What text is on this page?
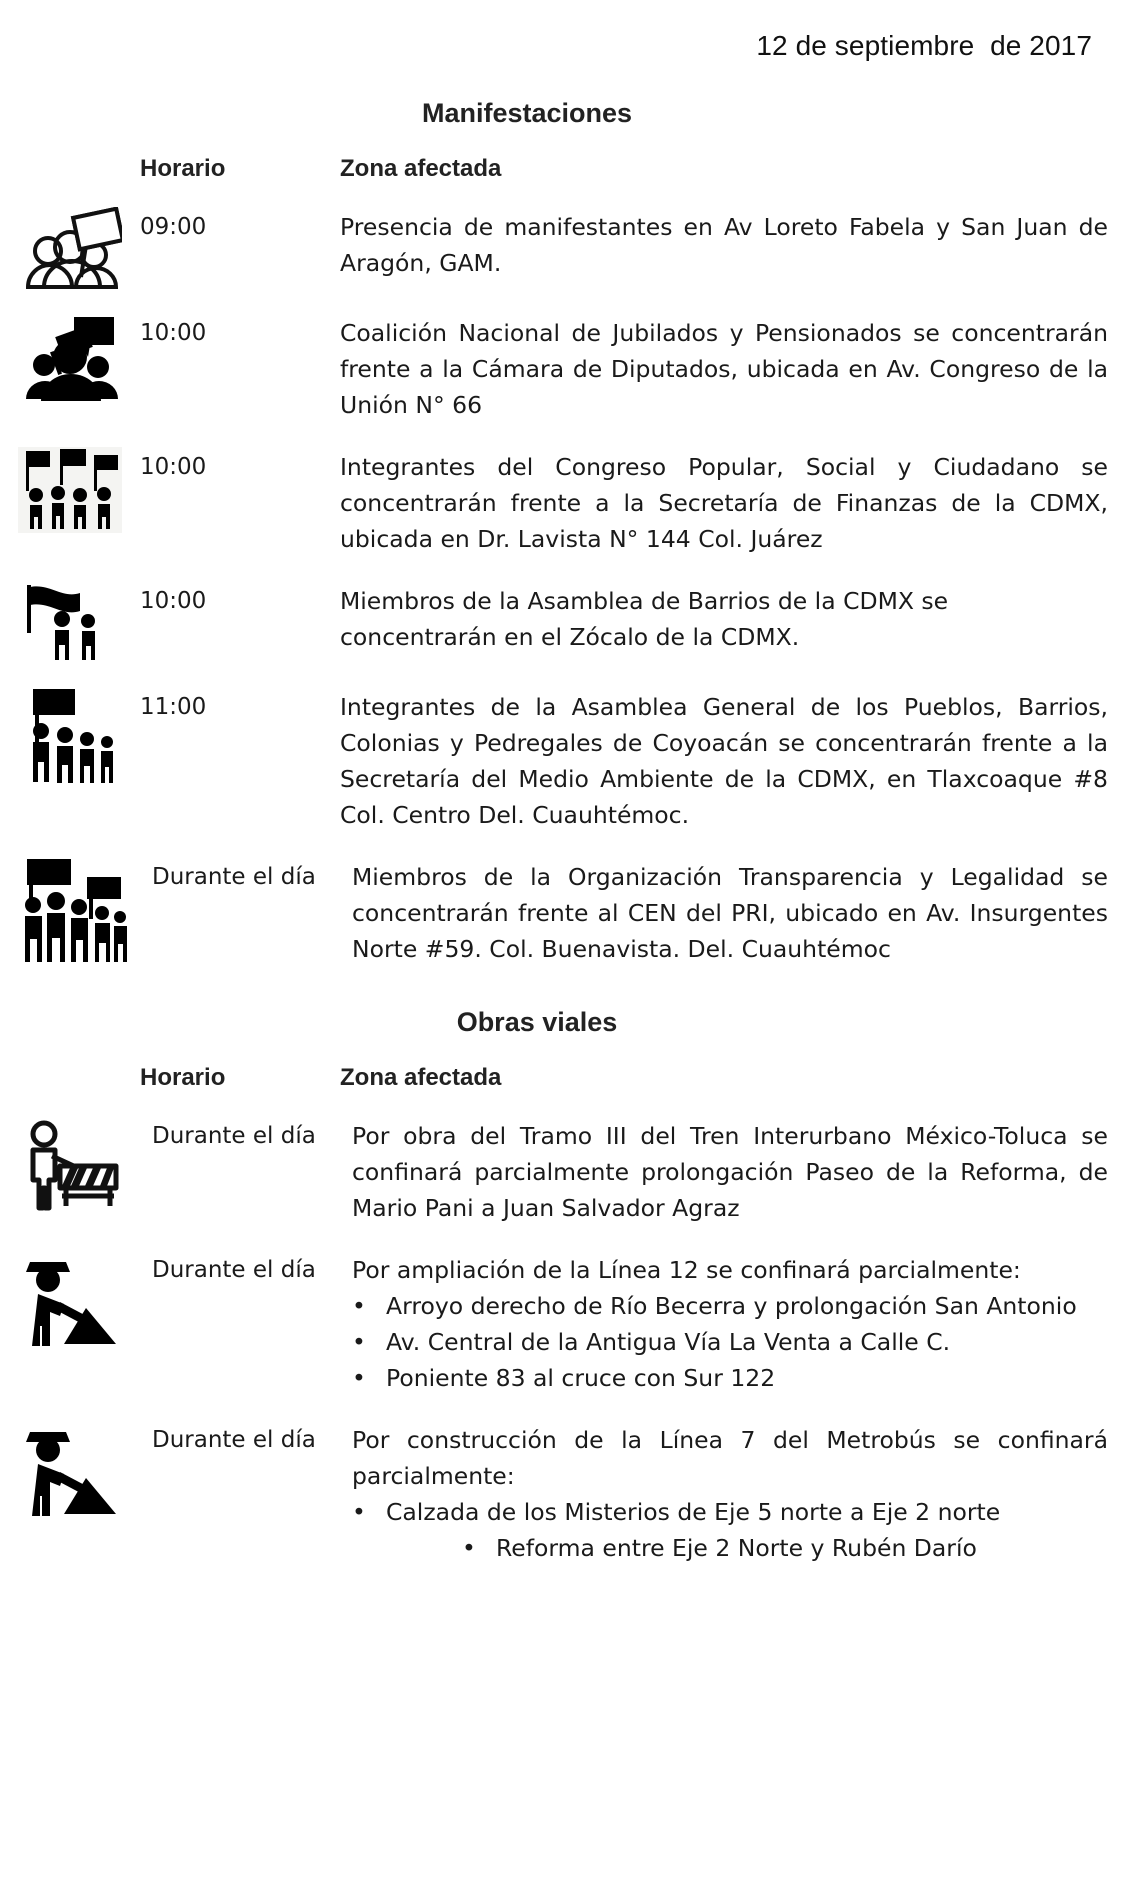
12 de septiembre  de 2017
Manifestaciones
Horario	Zona afectada
09:00	Presencia de manifestantes en Av Loreto Fabela y San Juan de Aragón, GAM.
10:00	Coalición Nacional de Jubilados y Pensionados se concentrarán frente a la Cámara de Diputados, ubicada en Av. Congreso de la Unión N° 66
10:00	Integrantes del Congreso Popular, Social y Ciudadano se concentrarán frente a la Secretaría de Finanzas de la CDMX, ubicada en Dr. Lavista N° 144 Col. Juárez
10:00	Miembros de la Asamblea de Barrios de la CDMX se concentrarán en el Zócalo de la CDMX.
11:00	Integrantes de la Asamblea General de los Pueblos, Barrios, Colonias y Pedregales de Coyoacán se concentrarán frente a la Secretaría del Medio Ambiente de la CDMX, en Tlaxcoaque #8 Col. Centro Del. Cuauhtémoc.
Durante el día	Miembros de la Organización Transparencia y Legalidad se concentrarán frente al CEN del PRI, ubicado en Av. Insurgentes Norte #59. Col. Buenavista. Del. Cuauhtémoc
Obras viales
Horario	Zona afectada
Durante el día	Por obra del Tramo III del Tren Interurbano México-Toluca se confinará parcialmente prolongación Paseo de la Reforma, de Mario Pani a Juan Salvador Agraz
Durante el día	Por ampliación de la Línea 12 se confinará parcialmente:

• Arroyo derecho de Río Becerra y prolongación San Antonio

• Av. Central de la Antigua Vía La Venta a Calle C.

• Poniente 83 al cruce con Sur 122

Durante el día	Por construcción de la Línea 7 del Metrobús se confinará parcialmente:

• Calzada de los Misterios de Eje 5 norte a Eje 2 norte

• Reforma entre Eje 2 Norte y Rubén Darío
